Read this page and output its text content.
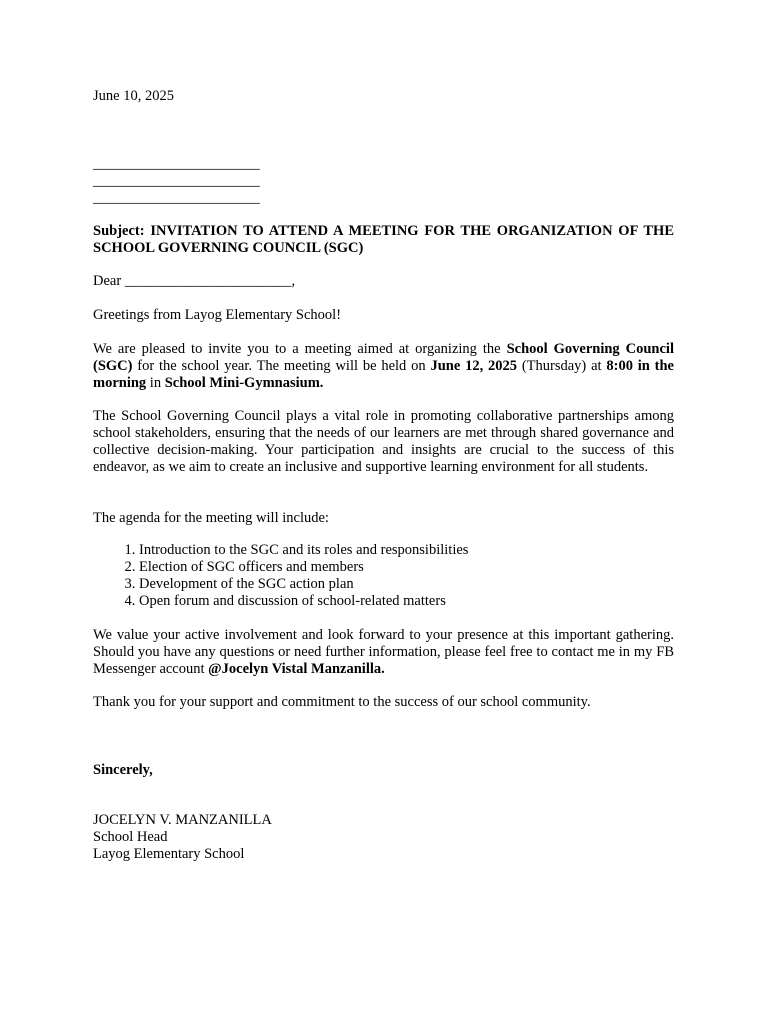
June 10, 2025

_______________________
_______________________
_______________________

Subject: INVITATION TO ATTEND A MEETING FOR THE ORGANIZATION OF THE SCHOOL GOVERNING COUNCIL (SGC)

Dear _______________________,

Greetings from Layog Elementary School!

We are pleased to invite you to a meeting aimed at organizing the School Governing Council (SGC) for the school year. The meeting will be held on June 12, 2025 (Thursday) at 8:00 in the morning in School Mini-Gymnasium.

The School Governing Council plays a vital role in promoting collaborative partnerships among school stakeholders, ensuring that the needs of our learners are met through shared governance and collective decision-making. Your participation and insights are crucial to the success of this endeavor, as we aim to create an inclusive and supportive learning environment for all students.

The agenda for the meeting will include:

1. Introduction to the SGC and its roles and responsibilities
2. Election of SGC officers and members
3. Development of the SGC action plan
4. Open forum and discussion of school-related matters

We value your active involvement and look forward to your presence at this important gathering. Should you have any questions or need further information, please feel free to contact me in my FB Messenger account @Jocelyn Vistal Manzanilla.

Thank you for your support and commitment to the success of our school community.

Sincerely,

JOCELYN V. MANZANILLA
School Head
Layog Elementary School
